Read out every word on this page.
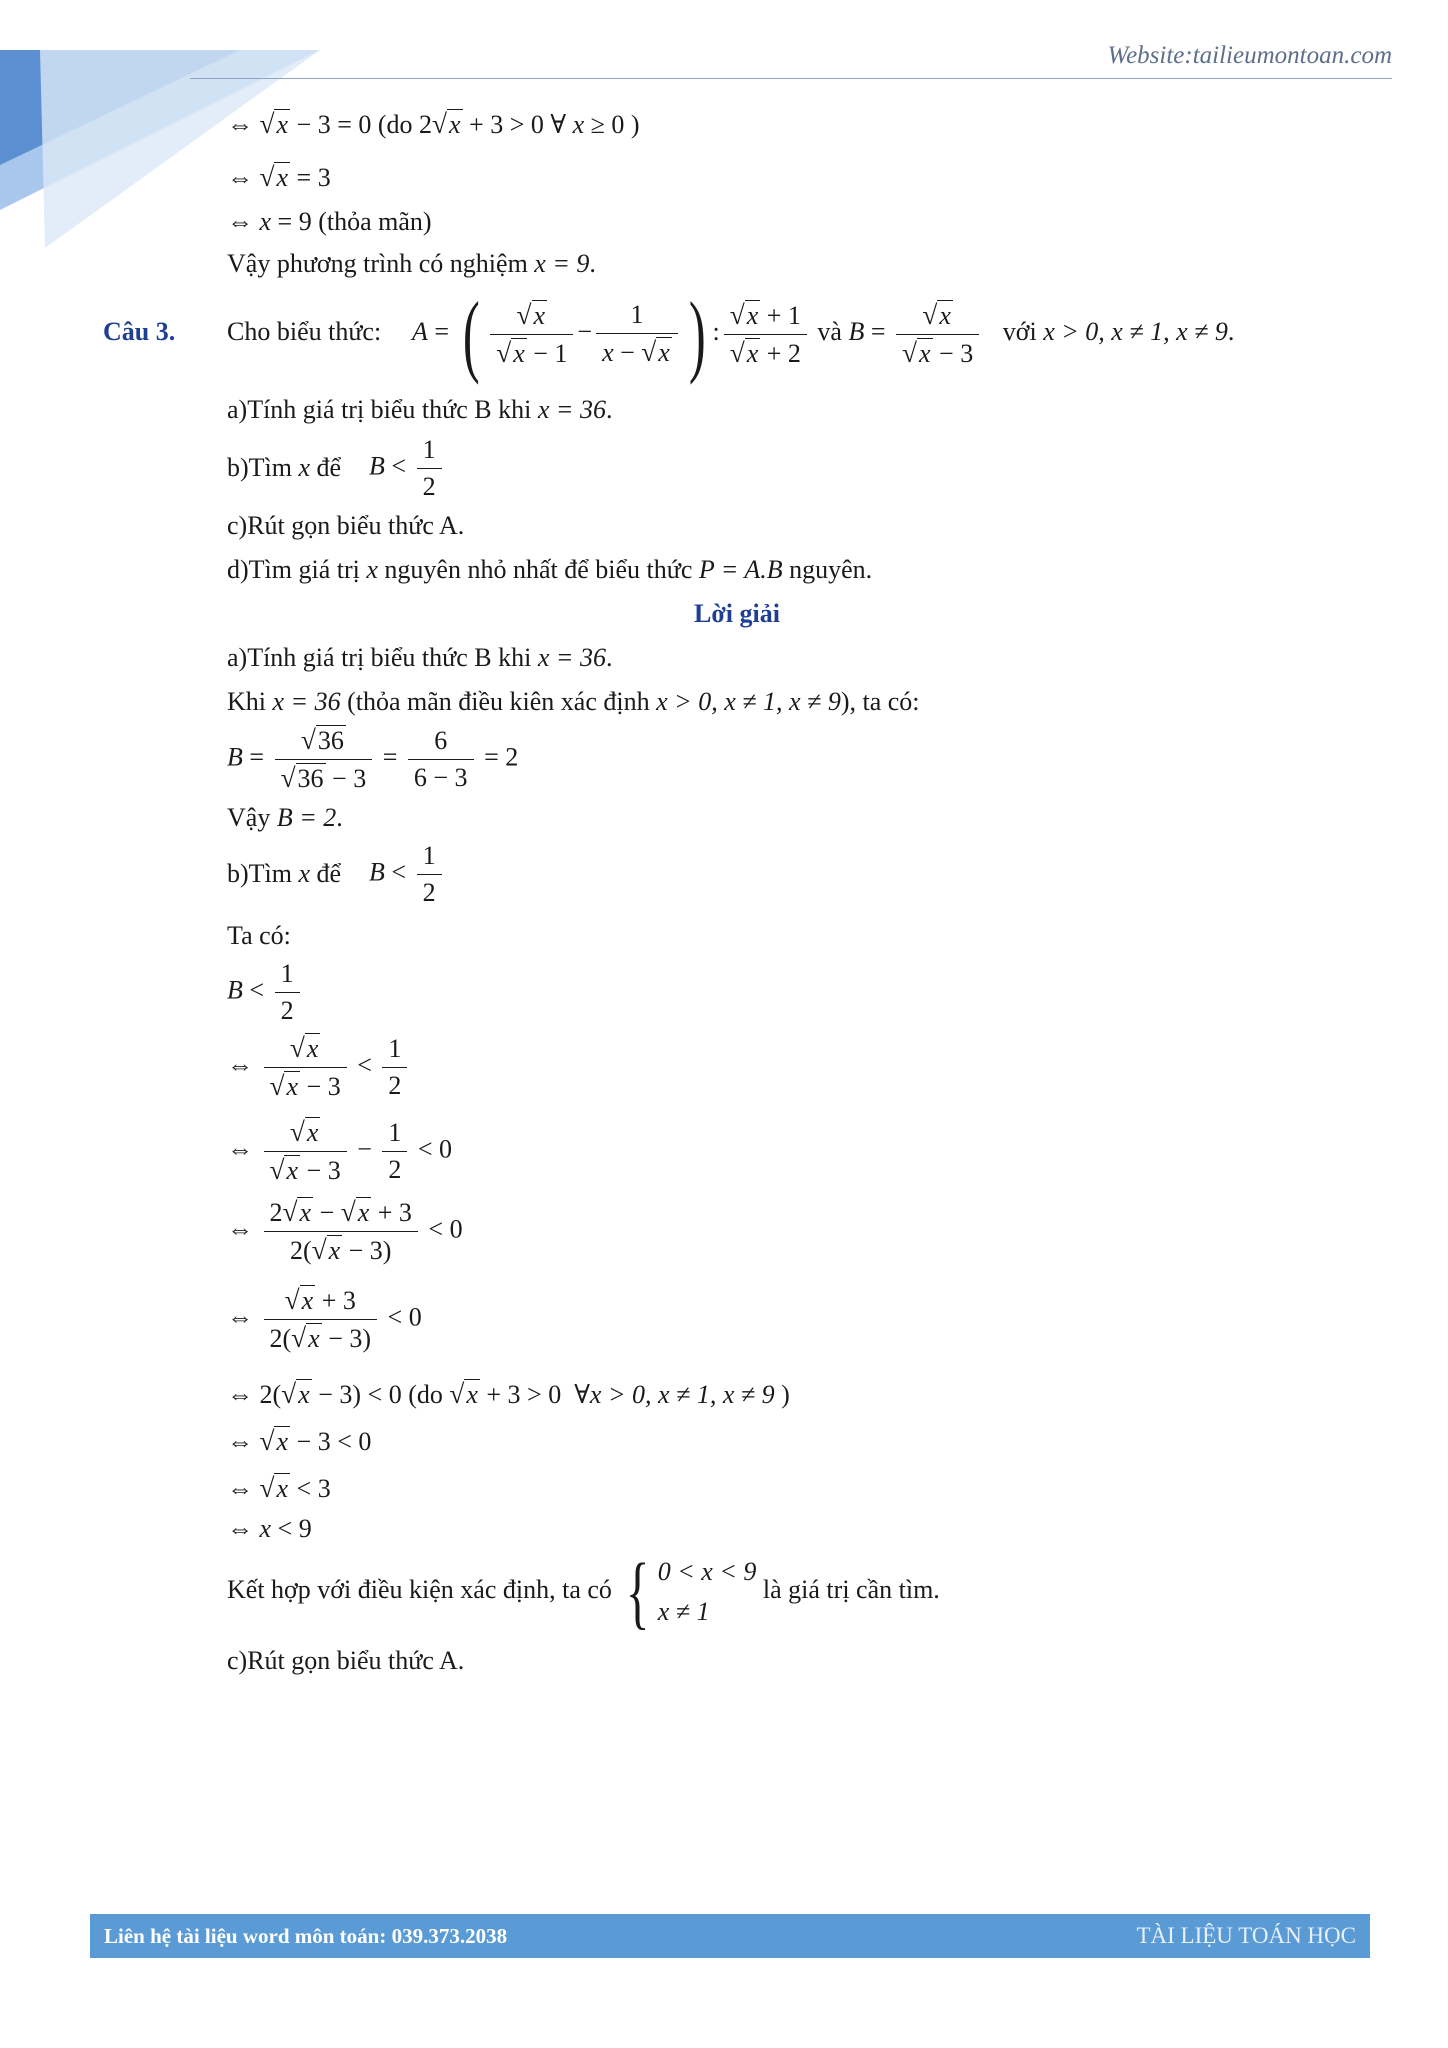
Website:tailieumontoan.com
⇔ √x − 3 = 0 (do 2√x + 3 > 0 ∀ x ≥ 0 )
⇔ √x = 3
⇔ x = 9 (thỏa mãn)
Vậy phương trình có nghiệm x = 9.
Câu 3. Cho biểu thức: A = ( $\frac{√x}{√x - 1} - \frac{1}{x - √x}$ ) : $\frac{√x + 1}{√x + 2}$ và $B = \frac{√x}{√x - 3}$ với x > 0, x ≠ 1, x ≠ 9.
a)Tính giá trị biểu thức B khi x = 36.
b)Tìm x để $B < \frac{1}{2}$
c)Rút gọn biểu thức A.
d)Tìm giá trị x nguyên nhỏ nhất để biểu thức P = A.B nguyên.
Lời giải
a)Tính giá trị biểu thức B khi x = 36.
Khi x = 36 (thỏa mãn điều kiên xác định x > 0, x ≠ 1, x ≠ 9), ta có:
$B = \frac{√36}{√36 - 3} = \frac{6}{6 - 3} = 2$
Vậy B = 2.
b)Tìm x để $B < \frac{1}{2}$
Ta có:
$B < \frac{1}{2}$
⇔ $\frac{√x}{√x - 3} < \frac{1}{2}$
⇔ $\frac{√x}{√x - 3} - \frac{1}{2} < 0$
⇔ $\frac{2√x - √x + 3}{2(√x - 3)} < 0$
⇔ $\frac{√x + 3}{2(√x - 3)} < 0$
⇔ 2(√x − 3) < 0 (do √x + 3 > 0  ∀x > 0, x ≠ 1, x ≠ 9 )
⇔ √x − 3 < 0
⇔ √x < 3
⇔ x < 9
Kết hợp với điều kiện xác định, ta có { 0 < x < 9
x ≠ 1
là giá trị cần tìm.
c)Rút gọn biểu thức A.
Liên hệ tài liệu word môn toán: 039.373.2038	TÀI LIỆU TOÁN HỌC
